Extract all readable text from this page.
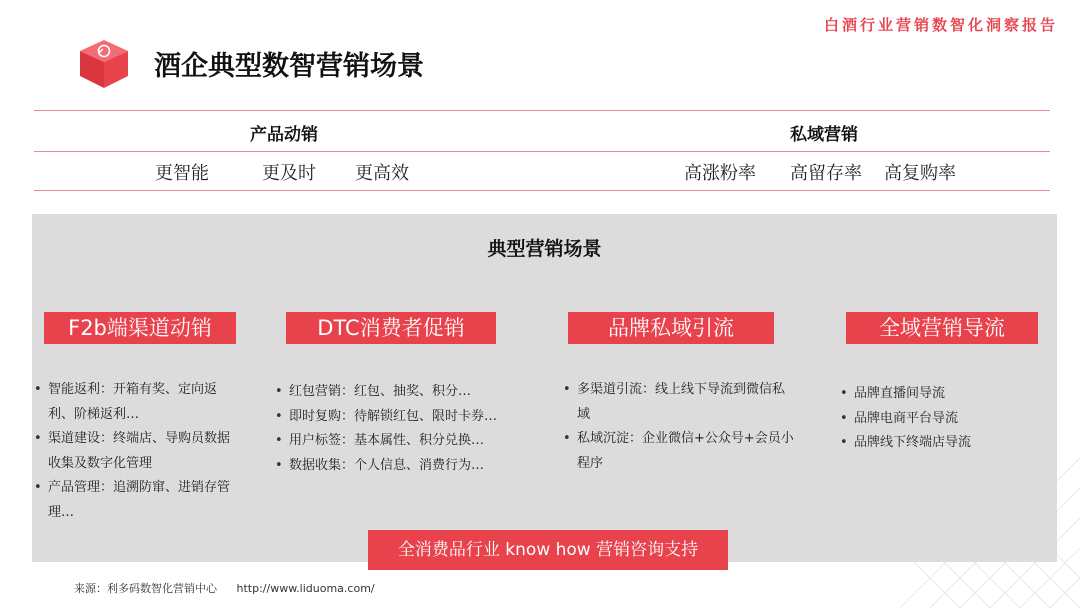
白酒行业营销数智化洞察报告
酒企典型数智营销场景
产品动销	私域营销
更智能	更及时 更高效	高涨粉率 高留存率 高复购率
典型营销场景
F2b端渠道动销
• 智能返利：开箱有奖、定向返利、阶梯返利…
• 渠道建设：终端店、导购员数据收集及数字化管理
• 产品管理：追溯防窜、进销存管理…
DTC消费者促销
• 红包营销：红包、抽奖、积分…
• 即时复购：待解锁红包、限时卡券…
• 用户标签：基本属性、积分兑换…
• 数据收集：个人信息、消费行为…
品牌私域引流
• 多渠道引流：线上线下导流到微信私域
• 私域沉淀：企业微信+公众号+会员小程序
全域营销导流
• 品牌直播间导流
• 品牌电商平台导流
• 品牌线下终端店导流
全消费品行业 know how 营销咨询支持
来源：利多码数智化营销中心 http://www.liduoma.com/
